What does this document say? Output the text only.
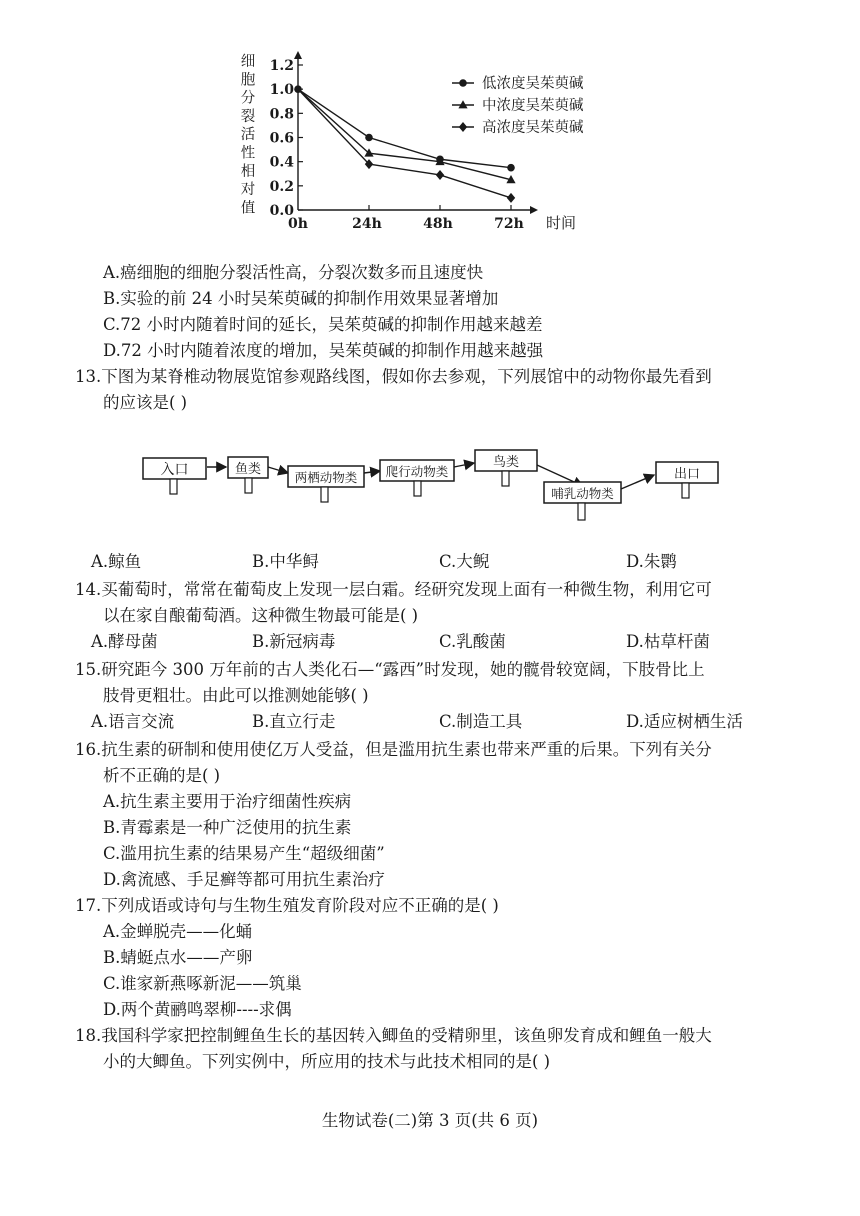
细
胞
分
裂
活
性
相
对
值 0.0
0.2
0.4
0.6
0.8
1.0
1.2
0h	24h	48h	72h 时间
低浓度吴茱萸碱
中浓度吴茱萸碱
高浓度吴茱萸碱
A.癌细胞的细胞分裂活性高，分裂次数多而且速度快
B.实验的前 24 小时吴茱萸碱的抑制作用效果显著增加
C.72 小时内随着时间的延长，吴茱萸碱的抑制作用越来越差
D.72 小时内随着浓度的增加，吴茱萸碱的抑制作用越来越强
13.下图为某脊椎动物展览馆参观路线图，假如你去参观，下列展馆中的动物你最先看到
的应该是( )
入口	鱼类
两栖动物类 爬行动物类
鸟类
哺乳动物类
出口
A.鲸鱼	B.中华鲟	C.大鲵	D.朱鹮
14.买葡萄时，常常在葡萄皮上发现一层白霜。经研究发现上面有一种微生物，利用它可
以在家自酿葡萄酒。这种微生物最可能是( )
A.酵母菌	B.新冠病毒	C.乳酸菌	D.枯草杆菌
15.研究距今 300 万年前的古人类化石—“露西”时发现，她的髋骨较宽阔，下肢骨比上
肢骨更粗壮。由此可以推测她能够( )
A.语言交流	B.直立行走	C.制造工具	D.适应树栖生活
16.抗生素的研制和使用使亿万人受益，但是滥用抗生素也带来严重的后果。下列有关分
析不正确的是( )
A.抗生素主要用于治疗细菌性疾病
B.青霉素是一种广泛使用的抗生素
C.滥用抗生素的结果易产生“超级细菌”
D.禽流感、手足癣等都可用抗生素治疗
17.下列成语或诗句与生物生殖发育阶段对应不正确的是( )
A.金蝉脱壳——化蛹
B.蜻蜓点水——产卵
C.谁家新燕啄新泥——筑巢
D.两个黄鹂鸣翠柳----求偶
18.我国科学家把控制鲤鱼生长的基因转入鲫鱼的受精卵里，该鱼卵发育成和鲤鱼一般大
小的大鲫鱼。下列实例中，所应用的技术与此技术相同的是( )
生物试卷(二)第 3 页(共 6 页)
